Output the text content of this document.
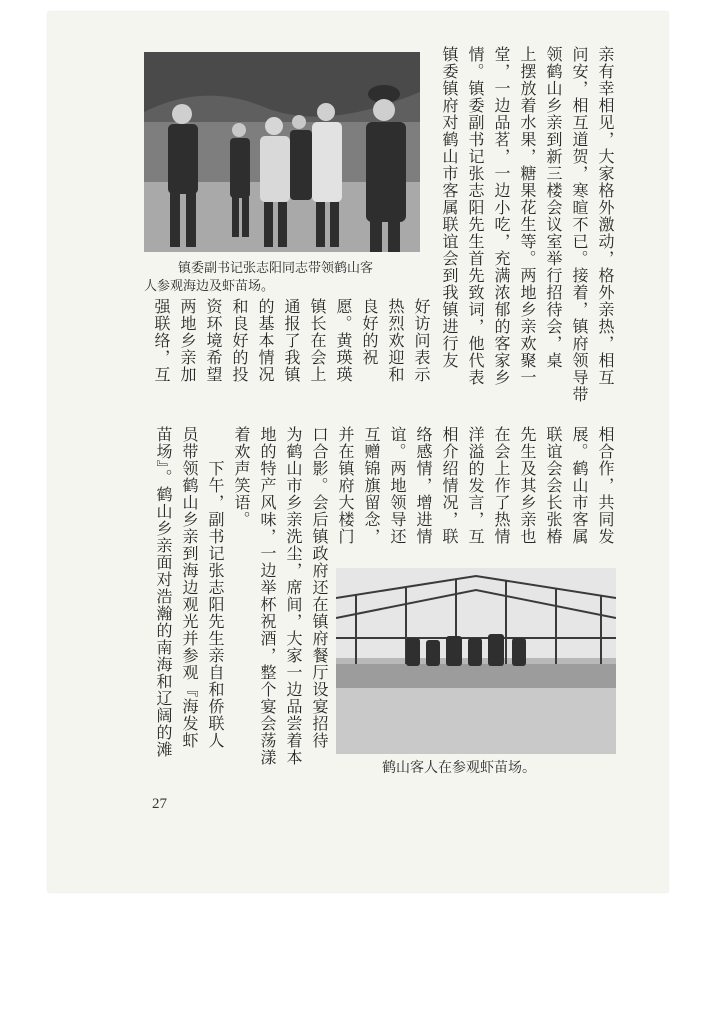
镇委副书记张志阳同志带领鹤山客
人参观海边及虾苗场。	亲有幸相见，大家格外激动，格外亲热，相互
问安，相互道贺，寒暄不已。接着，镇府领导带
领鹤山乡亲到新三楼会议室举行招待会，桌
上摆放着水果，糖果花生等。两地乡亲欢聚一
堂，一边品茗，一边小吃，充满浓郁的客家乡
情。镇委副书记张志阳先生首先致词，他代表
镇委镇府对鹤山市客属联谊会到我镇进行友
好访问表示
热烈欢迎和
良好的祝
愿。黄瑛瑛
镇长在会上
通报了我镇
的基本情况
和良好的投
资环境希望
两地乡亲加
强联络，互
相合作，共同发
展。鹤山市客属
联谊会会长张椿
先生及其乡亲也
在会上作了热情
洋溢的发言，互
相介绍情况，联
络感情，增进情
谊。两地领导还
互赠锦旗留念，
并在镇府大楼门
口合影。会后镇政府还在镇府餐厅设宴招待
为鹤山市乡亲洗尘，席间，大家一边品尝着本
地的特产风味，一边举杯祝酒，整个宴会荡漾
着欢声笑语。
　　下午，副书记张志阳先生亲自和侨联人
员带领鹤山乡亲到海边观光并参观『海发虾
苗场』。鹤山乡亲面对浩瀚的南海和辽阔的滩
鹤山客人在参观虾苗场。
27
